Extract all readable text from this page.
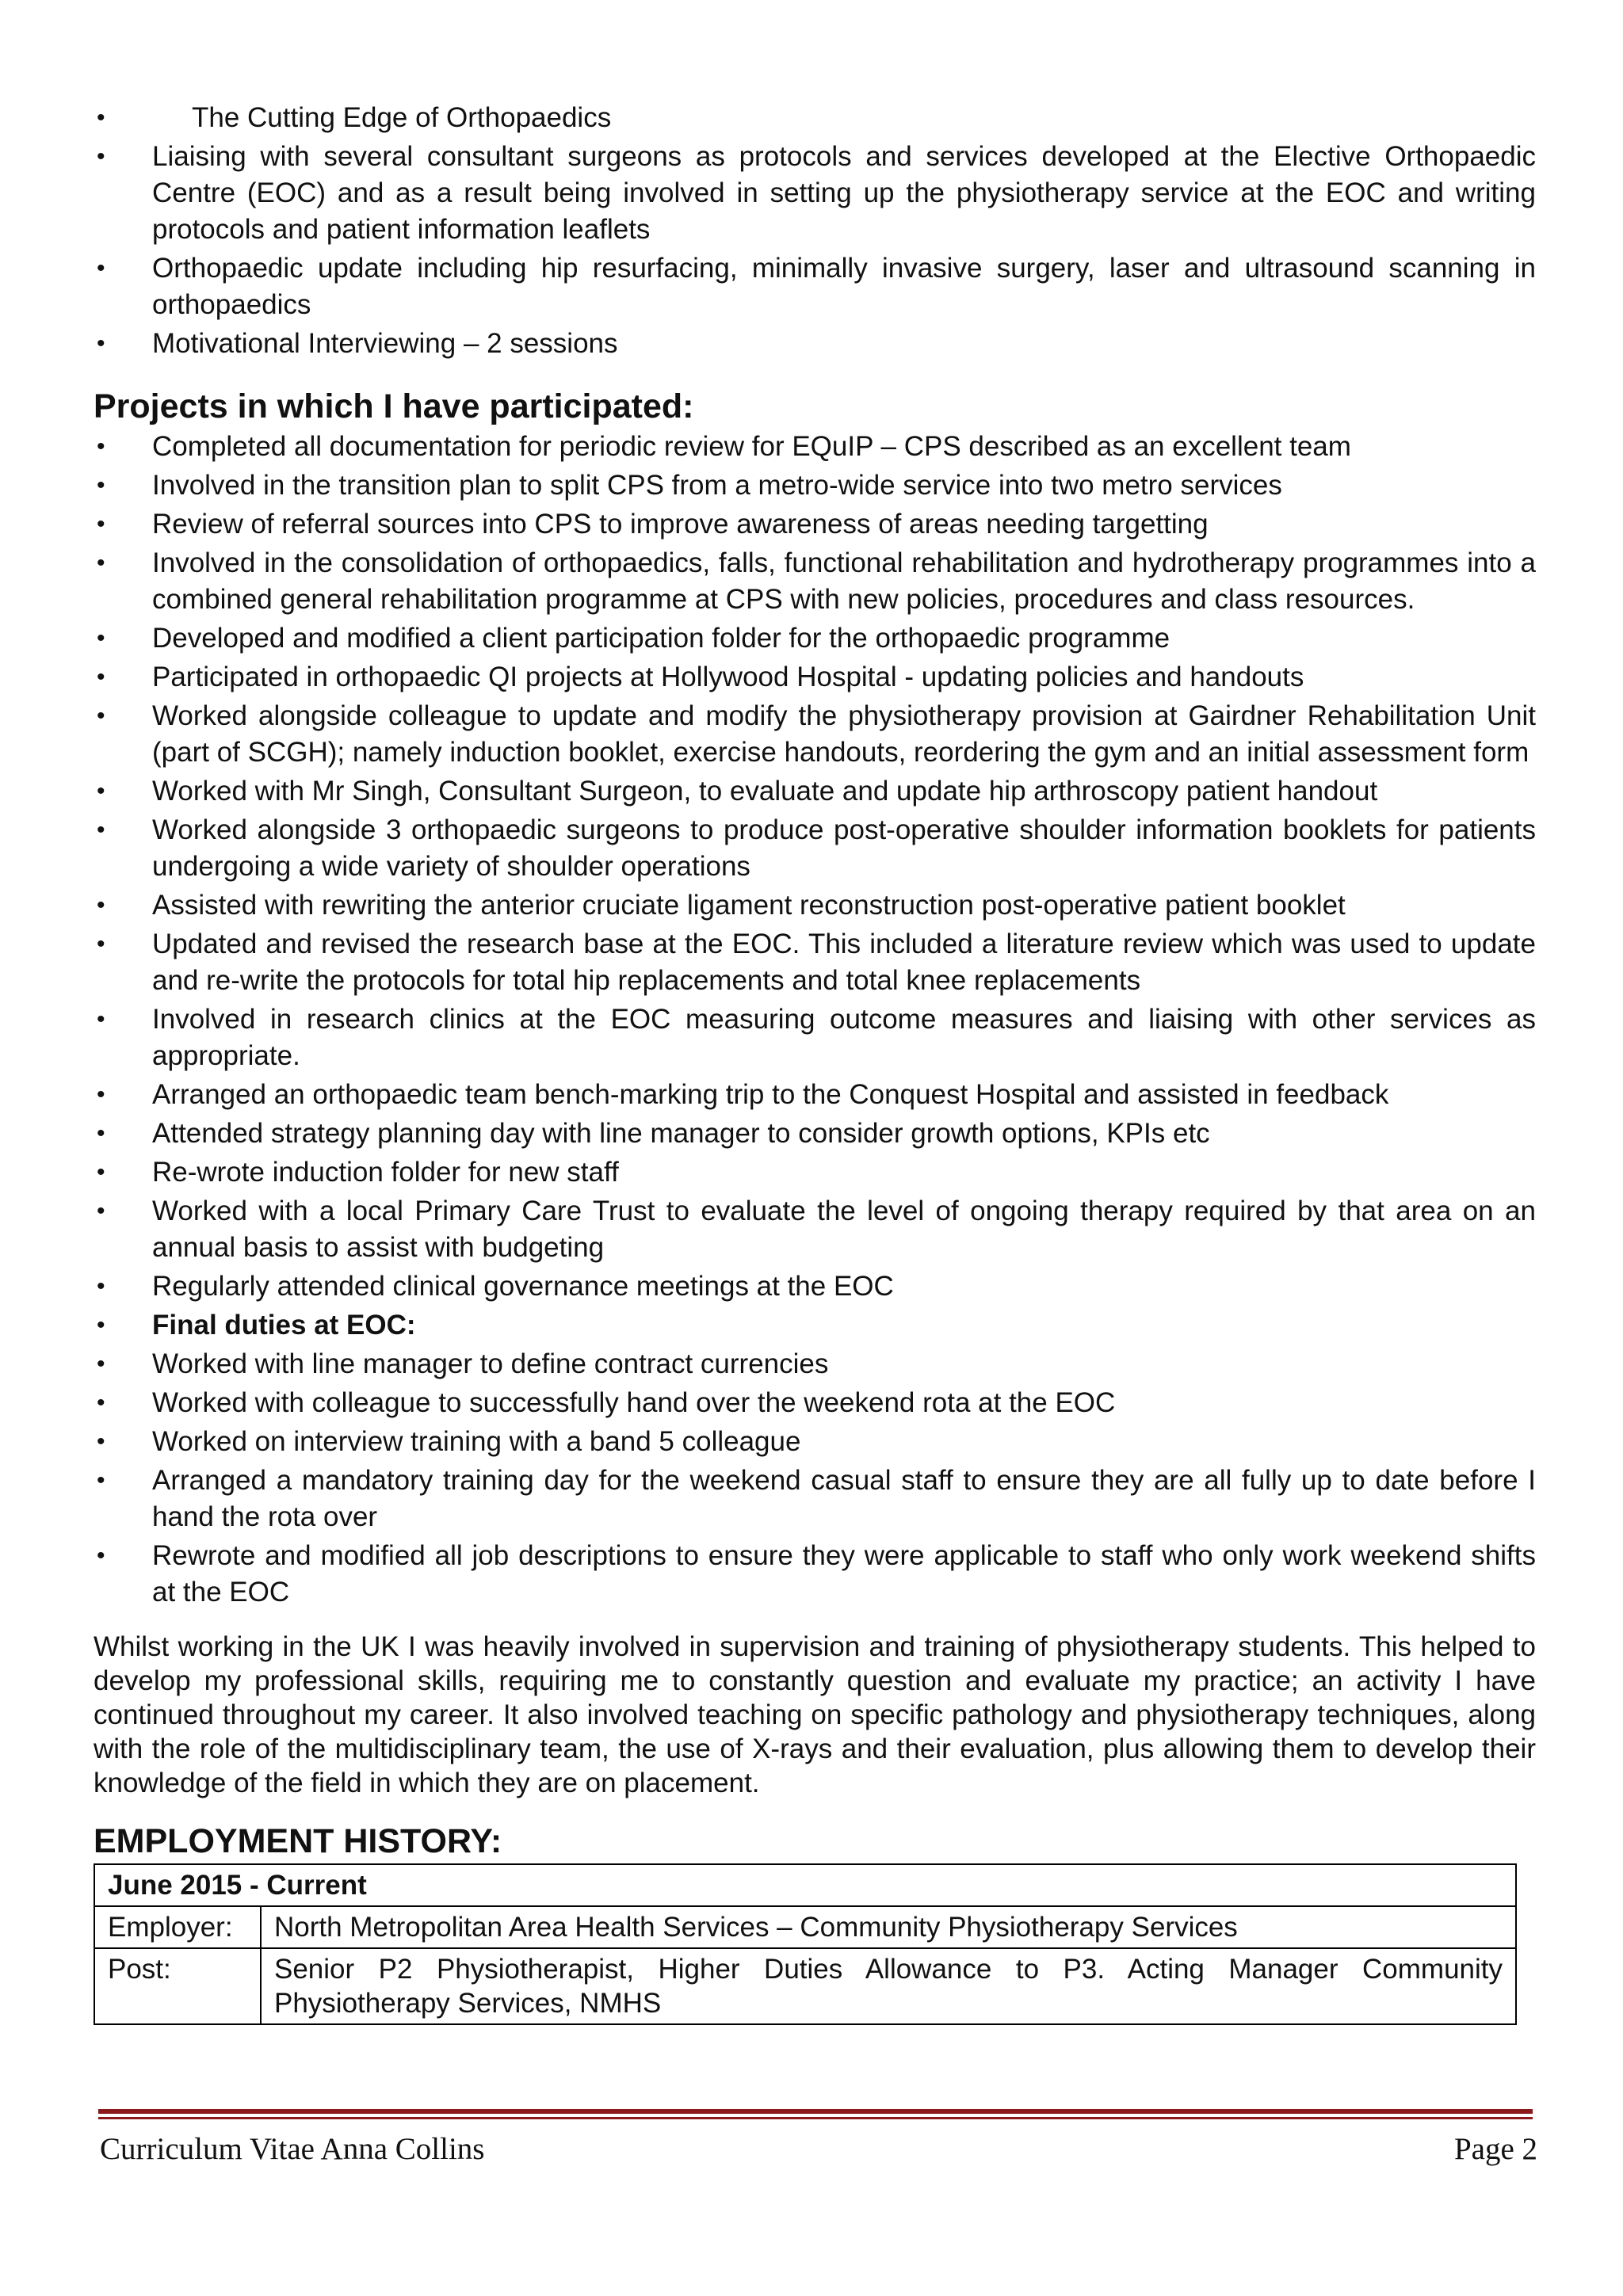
•	The Cutting Edge of Orthopaedics
• Liaising with several consultant surgeons as protocols and services developed at the Elective Orthopaedic Centre (EOC) and as a result being involved in setting up the physiotherapy service at the EOC and writing protocols and patient information leaflets
• Orthopaedic update including hip resurfacing, minimally invasive surgery, laser and ultrasound scanning in orthopaedics
• Motivational Interviewing – 2 sessions
Projects in which I have participated:
• Completed all documentation for periodic review for EQuIP – CPS described as an excellent team
• Involved in the transition plan to split CPS from a metro-wide service into two metro services
• Review of referral sources into CPS to improve awareness of areas needing targetting
• Involved in the consolidation of orthopaedics, falls, functional rehabilitation and hydrotherapy programmes into a combined general rehabilitation programme at CPS with new policies, procedures and class resources.
• Developed and modified a client participation folder for the orthopaedic programme
• Participated in orthopaedic QI projects at Hollywood Hospital - updating policies and handouts
• Worked alongside colleague to update and modify the physiotherapy provision at Gairdner Rehabilitation Unit (part of SCGH); namely induction booklet, exercise handouts, reordering the gym and an initial assessment form
• Worked with Mr Singh, Consultant Surgeon, to evaluate and update hip arthroscopy patient handout
• Worked alongside 3 orthopaedic surgeons to produce post-operative shoulder information booklets for patients undergoing a wide variety of shoulder operations
• Assisted with rewriting the anterior cruciate ligament reconstruction post-operative patient booklet
• Updated and revised the research base at the EOC. This included a literature review which was used to update and re-write the protocols for total hip replacements and total knee replacements
• Involved in research clinics at the EOC measuring outcome measures and liaising with other services as appropriate.
• Arranged an orthopaedic team bench-marking trip to the Conquest Hospital and assisted in feedback
• Attended strategy planning day with line manager to consider growth options, KPIs etc
• Re-wrote induction folder for new staff
• Worked with a local Primary Care Trust to evaluate the level of ongoing therapy required by that area on an annual basis to assist with budgeting
• Regularly attended clinical governance meetings at the EOC
• Final duties at EOC:
• Worked with line manager to define contract currencies
• Worked with colleague to successfully hand over the weekend rota at the EOC
• Worked on interview training with a band 5 colleague
• Arranged a mandatory training day for the weekend casual staff to ensure they are all fully up to date before I hand the rota over
• Rewrote and modified all job descriptions to ensure they were applicable to staff who only work weekend shifts at the EOC

Whilst working in the UK I was heavily involved in supervision and training of physiotherapy students. This helped to develop my professional skills, requiring me to constantly question and evaluate my practice; an activity I have continued throughout my career. It also involved teaching on specific pathology and physiotherapy techniques, along with the role of the multidisciplinary team, the use of X-rays and their evaluation, plus allowing them to develop their knowledge of the field in which they are on placement.

EMPLOYMENT HISTORY:
June 2015 - Current	
Employer:	North Metropolitan Area Health Services – Community Physiotherapy Services
Post:	Senior P2 Physiotherapist, Higher Duties Allowance to P3. Acting Manager Community Physiotherapy Services, NMHS
Curriculum Vitae Anna Collins	Page 2
